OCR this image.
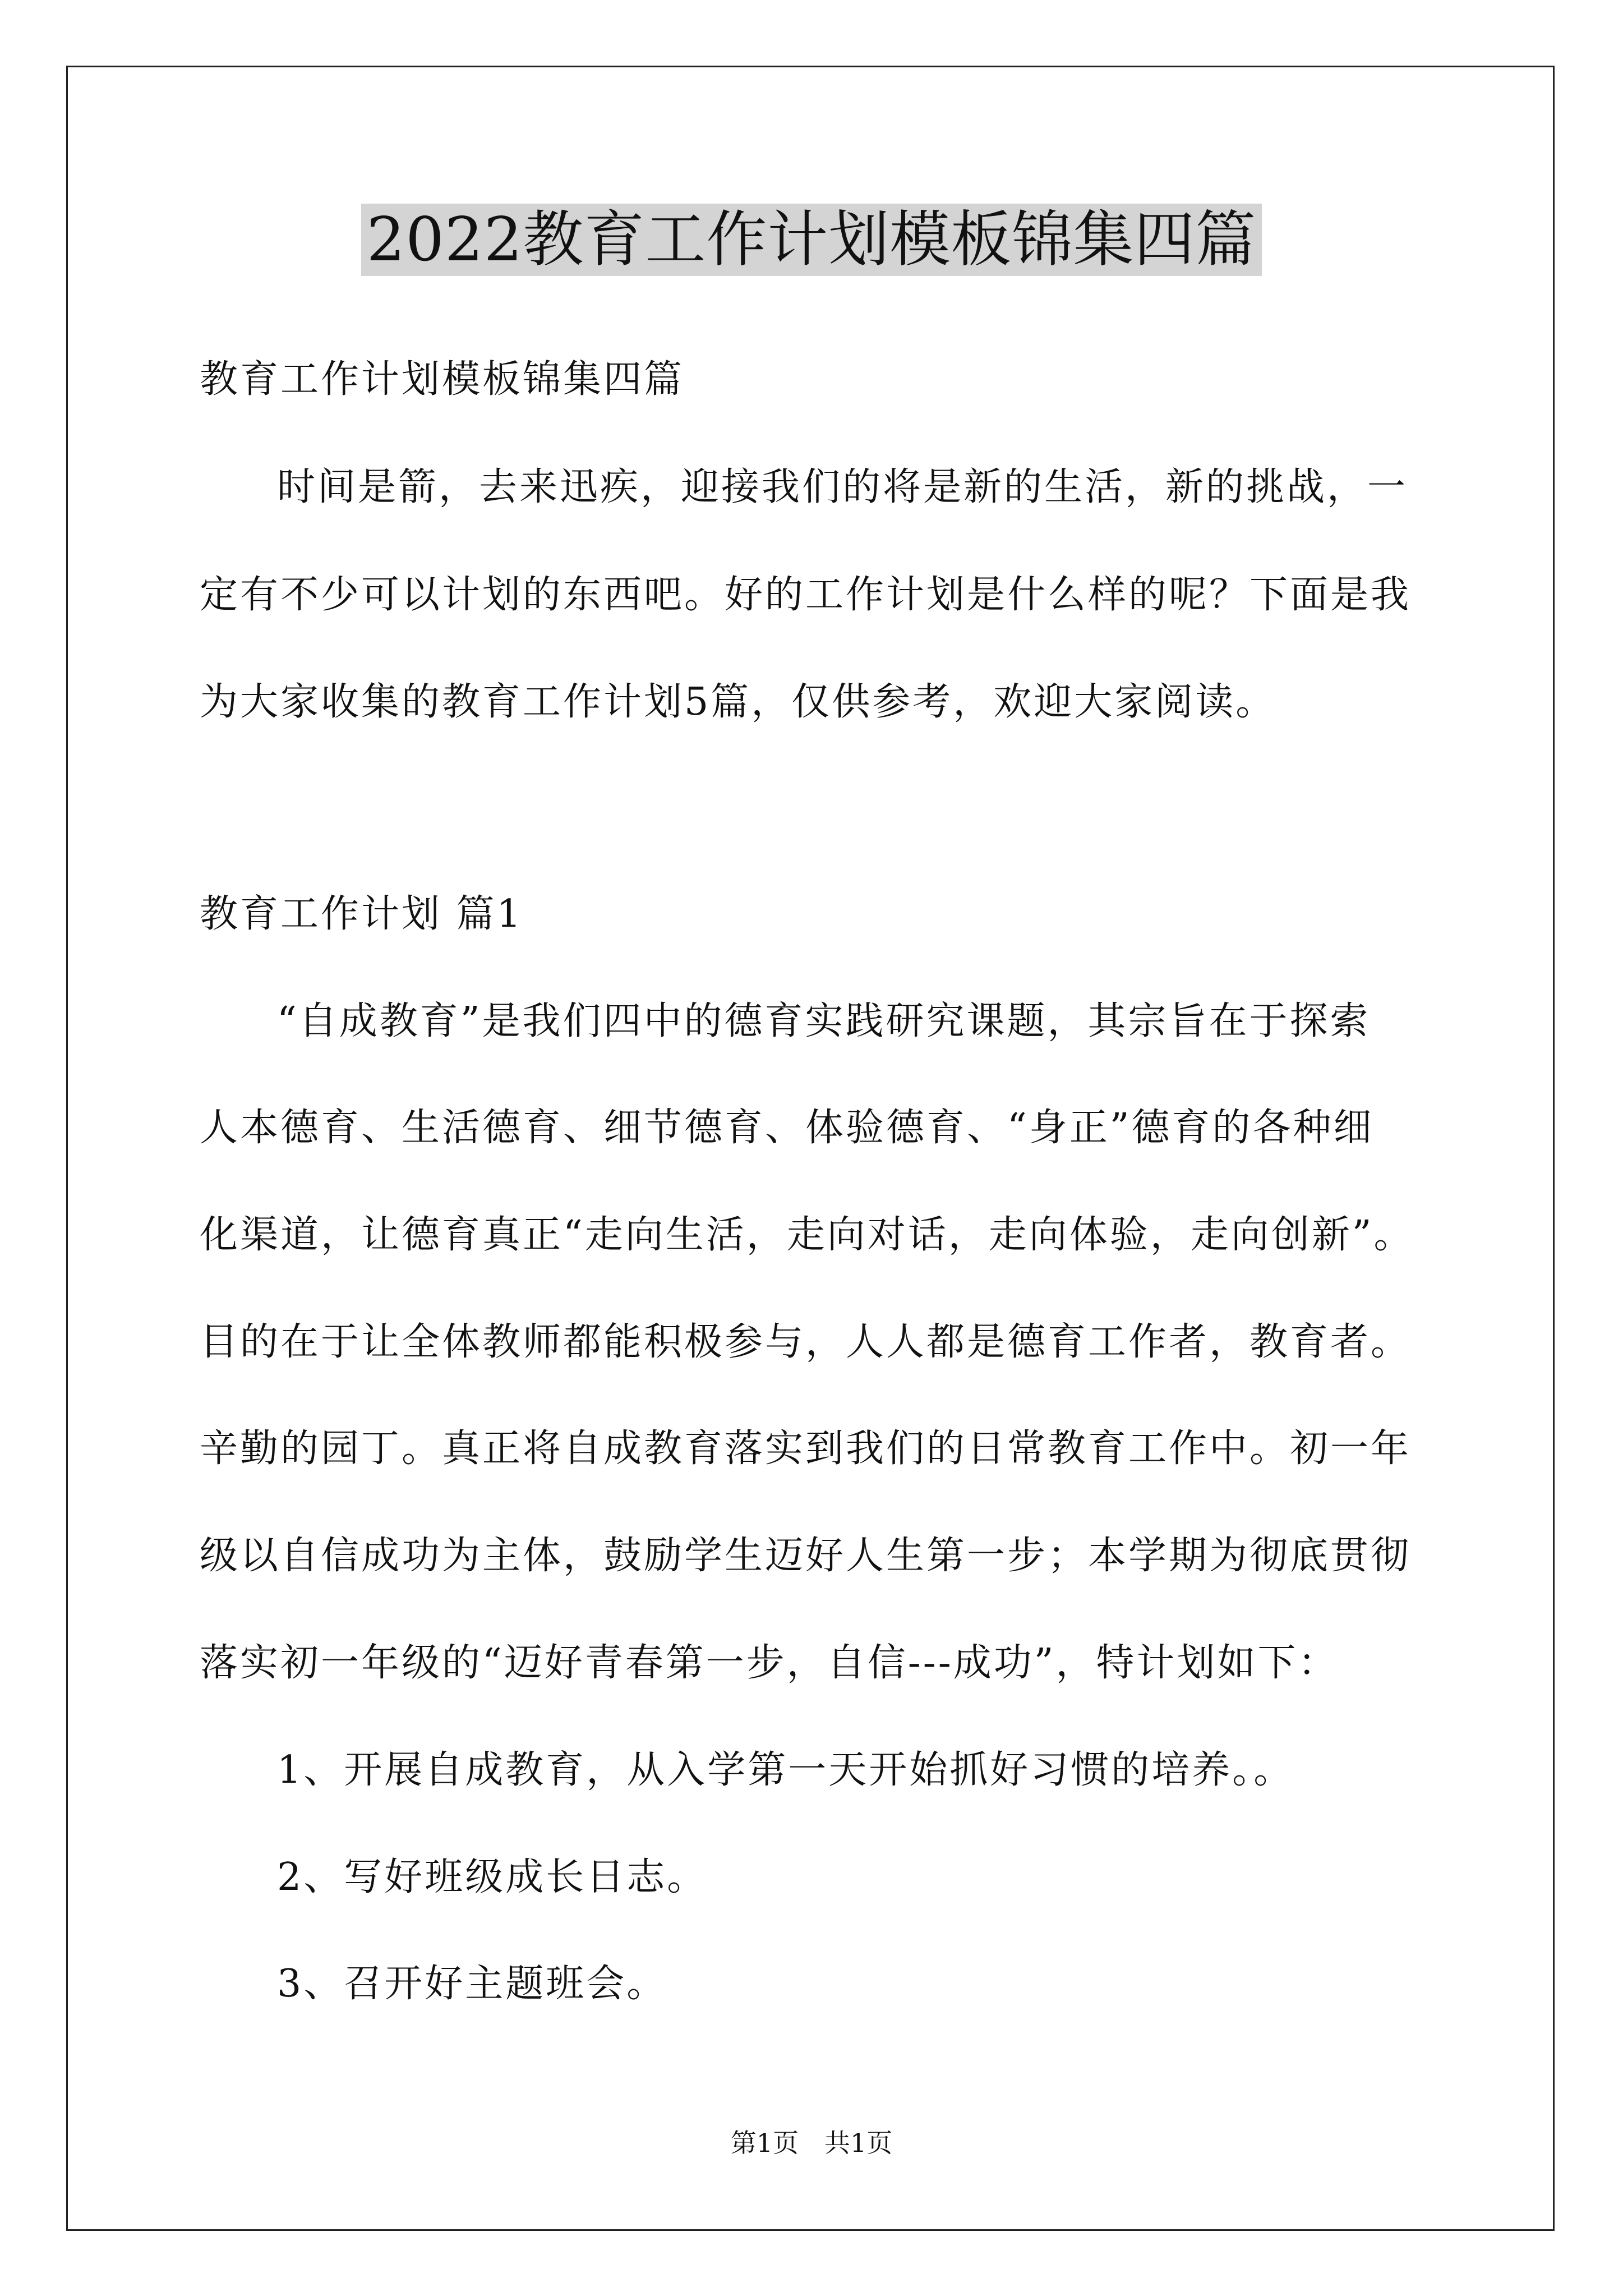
2022教育工作计划模板锦集四篇

教育工作计划模板锦集四篇

时间是箭，去来迅疾，迎接我们的将是新的生活，新的挑战，一

定有不少可以计划的东西吧。好的工作计划是什么样的呢？下面是我

为大家收集的教育工作计划5篇，仅供参考，欢迎大家阅读。

教育工作计划 篇1

“自成教育”是我们四中的德育实践研究课题，其宗旨在于探索

人本德育、生活德育、细节德育、体验德育、“身正”德育的各种细

化渠道，让德育真正“走向生活，走向对话，走向体验，走向创新”。

目的在于让全体教师都能积极参与，人人都是德育工作者，教育者。

辛勤的园丁。真正将自成教育落实到我们的日常教育工作中。初一年

级以自信成功为主体，鼓励学生迈好人生第一步；本学期为彻底贯彻

落实初一年级的“迈好青春第一步，自信---成功”，特计划如下：

1、开展自成教育，从入学第一天开始抓好习惯的培养。。

2、写好班级成长日志。

3、召开好主题班会。

第1页　共1页
